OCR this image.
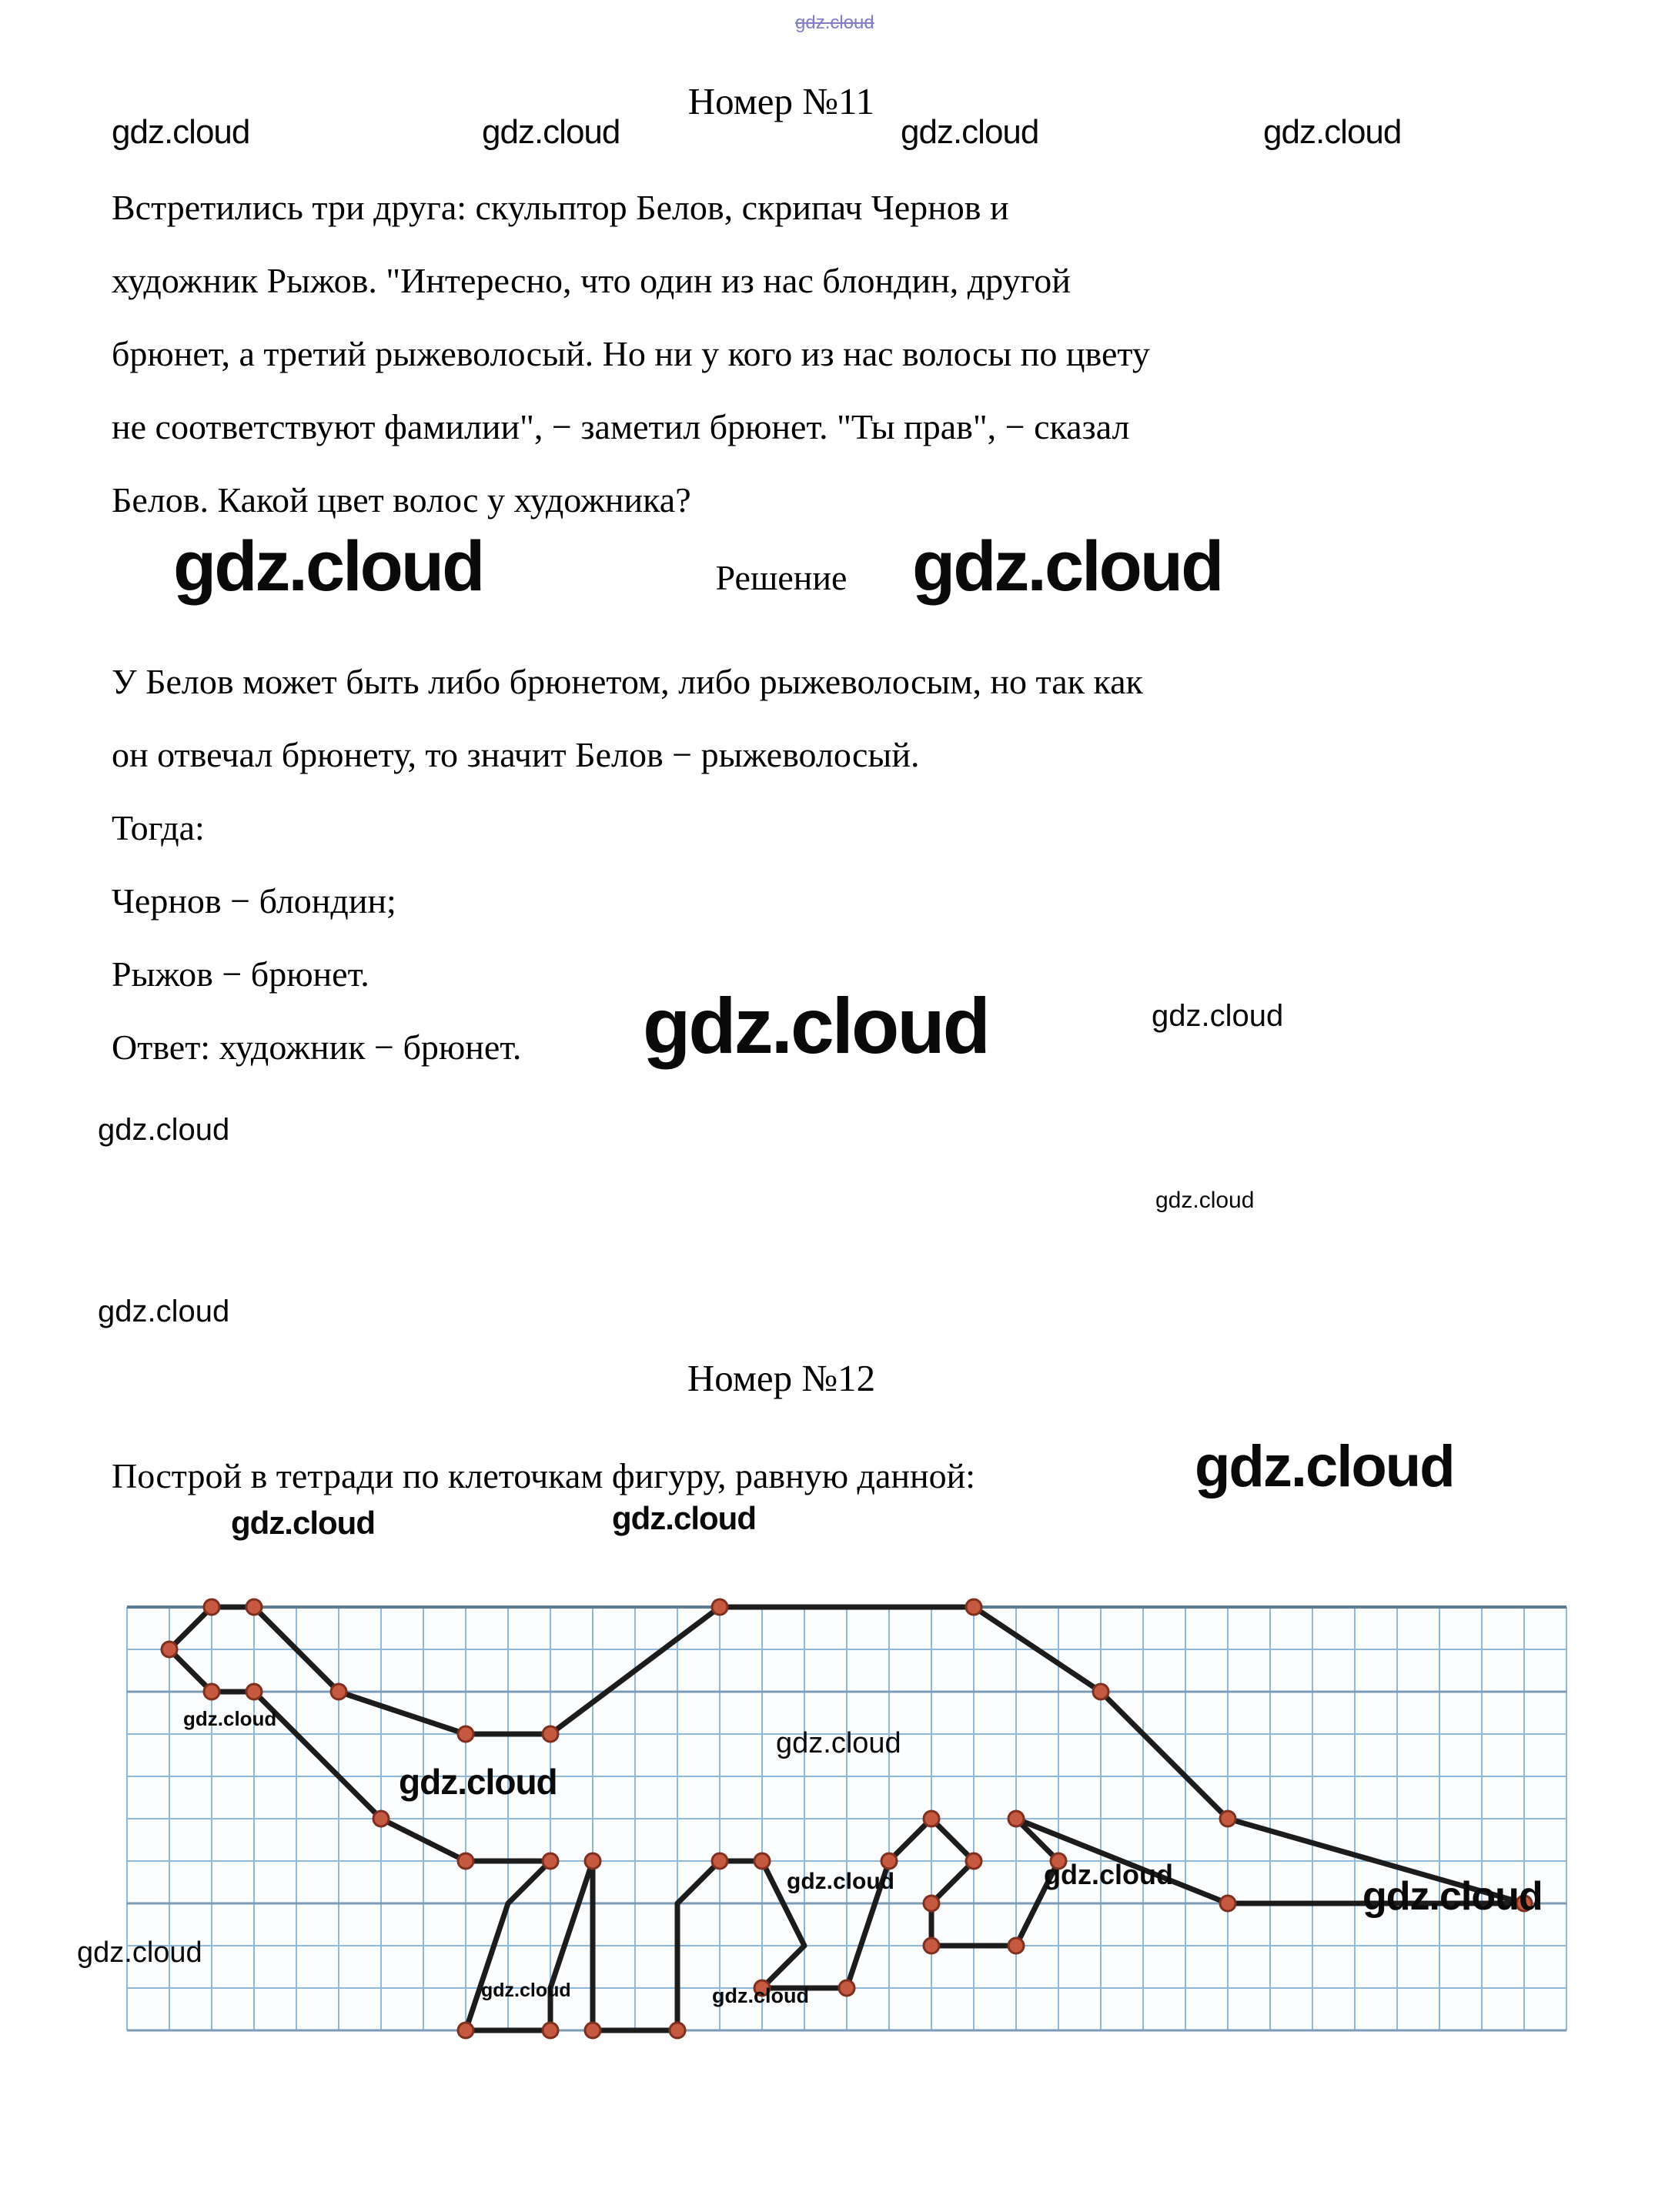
gdz.cloud
Номер №11
Встретились три друга: скульптор Белов, скрипач Чернов и
художник Рыжов. "Интересно, что один из нас блондин, другой
брюнет, а третий рыжеволосый. Но ни у кого из нас волосы по цвету
не соответствуют фамилии", − заметил брюнет. "Ты прав", − сказал
Белов. Какой цвет волос у художника?
Решение
У Белов может быть либо брюнетом, либо рыжеволосым, но так как
он отвечал брюнету, то значит Белов − рыжеволосый.
Тогда:
Чернов − блондин;
Рыжов − брюнет.
Ответ: художник − брюнет.
Номер №12
Построй в тетради по клеточкам фигуру, равную данной:
gdz.cloud	gdz.cloud	gdz.cloud	gdz.cloud
gdz.cloud	gdz.cloud
gdz.cloud	gdz.cloud
gdz.cloud
gdz.cloud
gdz.cloud
gdz.cloud
gdz.cloud	gdz.cloud
gdz.cloud
gdz.cloud
gdz.cloud
gdz.cloud	gdz.cloud	gdz.cloud
gdz.cloud
gdz.cloud	gdz.cloud
